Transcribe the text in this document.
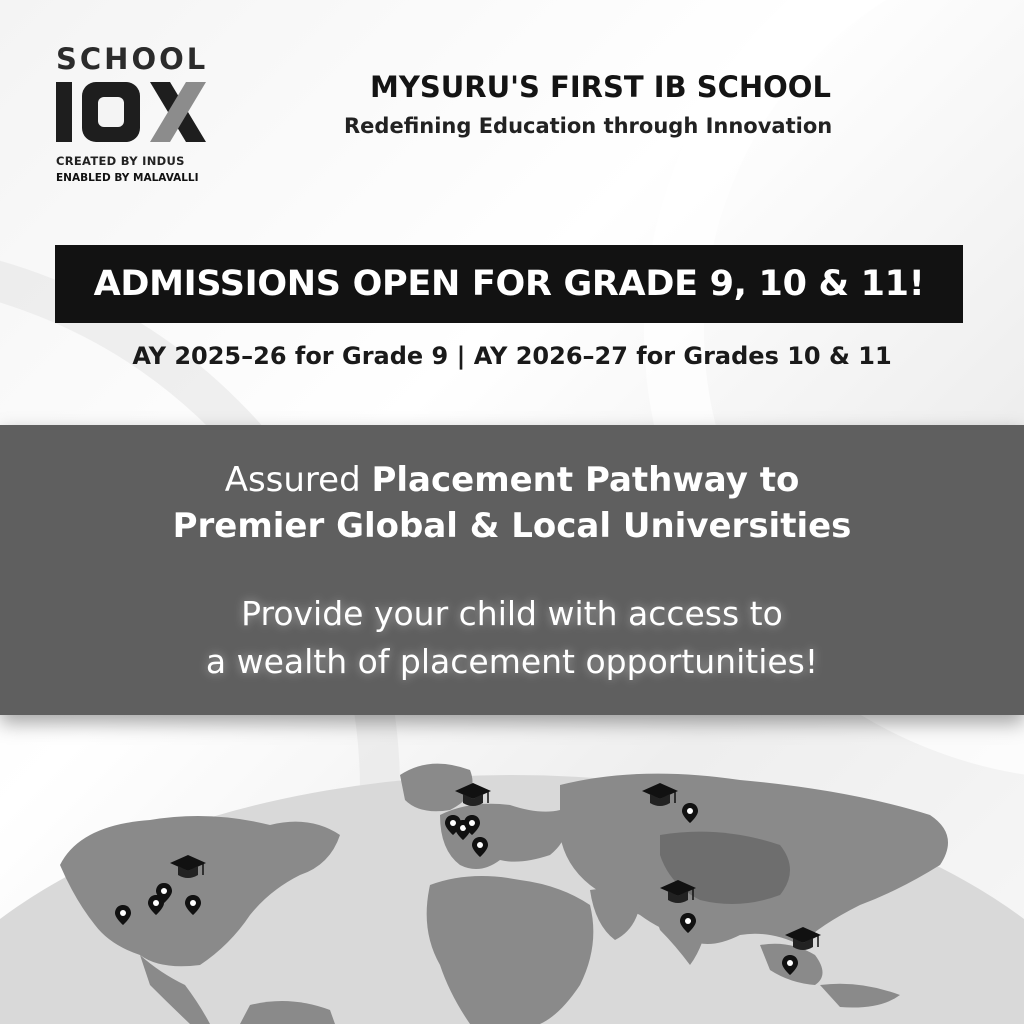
SCHOOL
CREATED BY INDUS
ENABLED BY MALAVALLI
MYSURU'S FIRST IB SCHOOL
Redefining Education through Innovation
ADMISSIONS OPEN FOR GRADE 9, 10 & 11!
AY 2025–26 for Grade 9 | AY 2026–27 for Grades 10 & 11
Assured Placement Pathway to
Premier Global & Local Universities
Provide your child with access to
a wealth of placement opportunities!
